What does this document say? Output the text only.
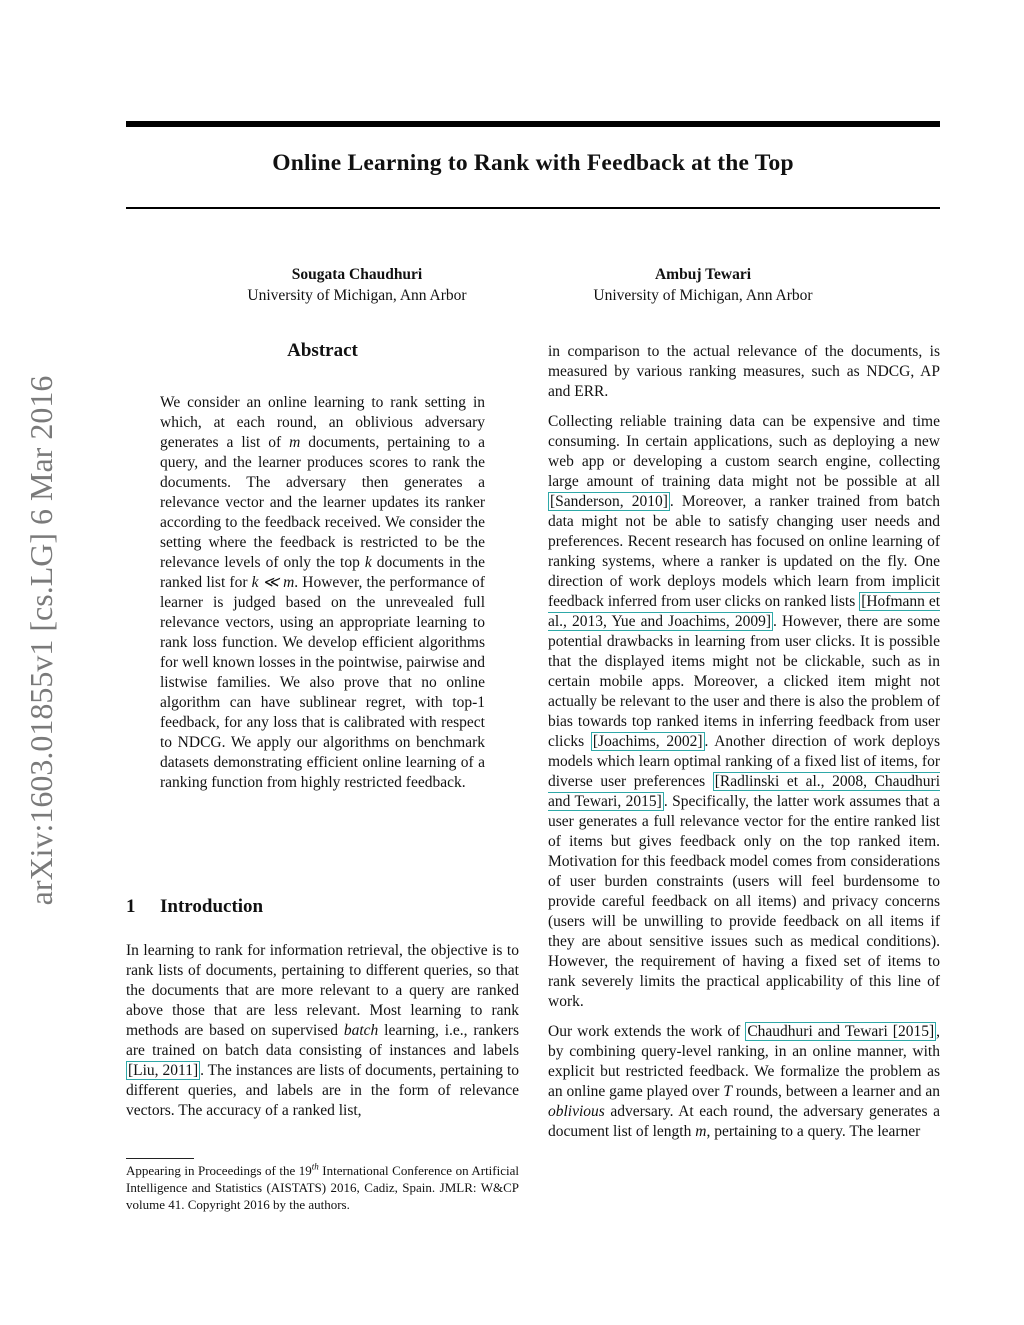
Online Learning to Rank with Feedback at the Top
Sougata Chaudhuri
University of Michigan, Ann Arbor
Ambuj Tewari
University of Michigan, Ann Arbor
arXiv:1603.01855v1 [cs.LG] 6 Mar 2016
Abstract

We consider an online learning to rank setting in which, at each round, an oblivious adversary generates a list of m documents, pertaining to a query, and the learner produces scores to rank the documents. The adversary then generates a relevance vector and the learner updates its ranker according to the feedback received. We consider the setting where the feedback is restricted to be the relevance levels of only the top k documents in the ranked list for k ≪ m. However, the performance of learner is judged based on the unrevealed full relevance vectors, using an appropriate learning to rank loss function. We develop efficient algorithms for well known losses in the pointwise, pairwise and listwise families. We also prove that no online algorithm can have sublinear regret, with top-1 feedback, for any loss that is calibrated with respect to NDCG. We apply our algorithms on benchmark datasets demonstrating efficient online learning of a ranking function from highly restricted feedback.

1 Introduction

In learning to rank for information retrieval, the objective is to rank lists of documents, pertaining to different queries, so that the documents that are more relevant to a query are ranked above those that are less relevant. Most learning to rank methods are based on supervised batch learning, i.e., rankers are trained on batch data consisting of instances and labels [Liu, 2011] . The instances are lists of documents, pertaining to different queries, and labels are in the form of relevance vectors. The accuracy of a ranked list,

Appearing in Proceedings of the 19th International Conference on Artificial Intelligence and Statistics (AISTATS) 2016, Cadiz, Spain. JMLR: W&CP volume 41. Copyright 2016 by the authors.

in comparison to the actual relevance of the documents, is measured by various ranking measures, such as NDCG, AP and ERR.

Collecting reliable training data can be expensive and time consuming. In certain applications, such as deploying a new web app or developing a custom search engine, collecting large amount of training data might not be possible at all [Sanderson, 2010] . Moreover, a ranker trained from batch data might not be able to satisfy changing user needs and preferences. Recent research has focused on online learning of ranking systems, where a ranker is updated on the fly. One direction of work deploys models which learn from implicit feedback inferred from user clicks on ranked lists [Hofmann et al., 2013, Yue and Joachims, 2009] . However, there are some potential drawbacks in learning from user clicks. It is possible that the displayed items might not be clickable, such as in certain mobile apps. Moreover, a clicked item might not actually be relevant to the user and there is also the problem of bias towards top ranked items in inferring feedback from user clicks [Joachims, 2002] . Another direction of work deploys models which learn optimal ranking of a fixed list of items, for diverse user preferences [Radlinski et al., 2008, Chaudhuri and Tewari, 2015] . Specifically, the latter work assumes that a user generates a full relevance vector for the entire ranked list of items but gives feedback only on the top ranked item. Motivation for this feedback model comes from considerations of user burden constraints (users will feel burdensome to provide careful feedback on all items) and privacy concerns (users will be unwilling to provide feedback on all items if they are about sensitive issues such as medical conditions). However, the requirement of having a fixed set of items to rank severely limits the practical applicability of this line of work.

Our work extends the work of Chaudhuri and Tewari [2015] , by combining query-level ranking, in an online manner, with explicit but restricted feedback. We formalize the problem as an online game played over T rounds, between a learner and an oblivious adversary. At each round, the adversary generates a document list of length m, pertaining to a query. The learner
